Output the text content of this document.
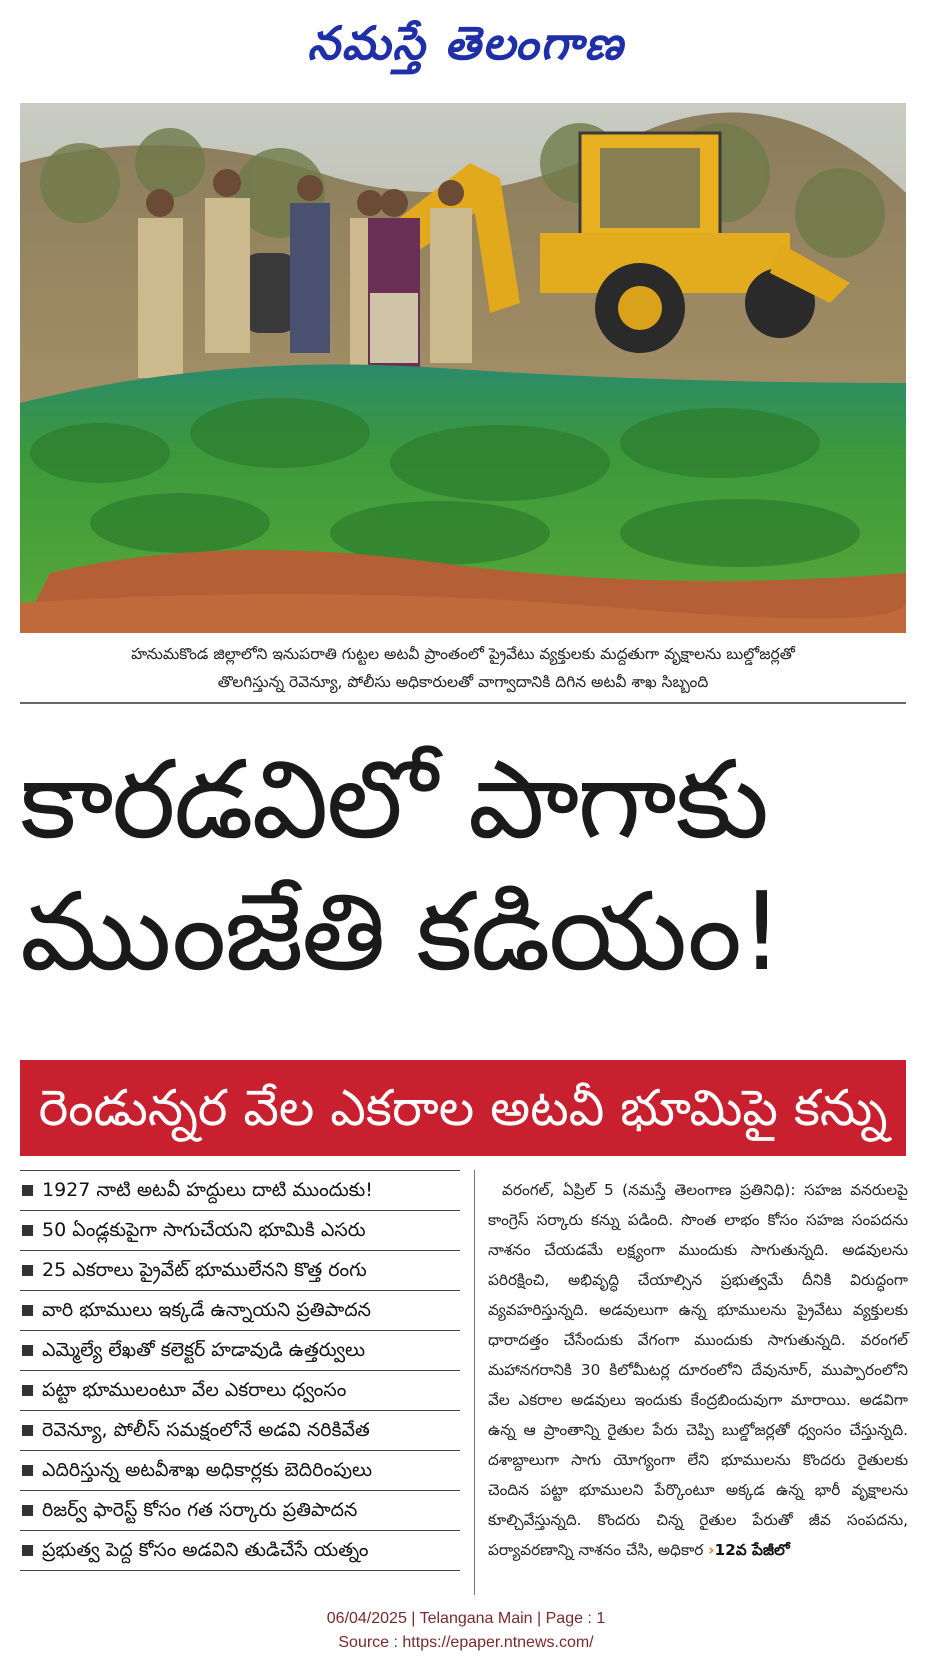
నమస్తే తెలంగాణ
హనుమకొండ జిల్లాలోని ఇనుపరాతి గుట్టల అటవీ ప్రాంతంలో ప్రైవేటు వ్యక్తులకు మద్దతుగా వృక్షాలను బుల్డోజర్లతో
తొలగిస్తున్న రెవెన్యూ, పోలీసు అధికారులతో వాగ్వాదానికి దిగిన అటవీ శాఖ సిబ్బంది
కారడవిలో పాగాకు
ముంజేతి కడియం!
రెండున్నర వేల ఎకరాల అటవీ భూమిపై కన్ను
1927 నాటి అటవీ హద్దులు దాటి ముందుకు!
50 ఏండ్లకుపైగా సాగుచేయని భూమికి ఎసరు
25 ఎకరాలు ప్రైవేట్ భూములేనని కొత్త రంగు
వారి భూములు ఇక్కడే ఉన్నాయని ప్రతిపాదన
ఎమ్మెల్యే లేఖతో కలెక్టర్ హడావుడి ఉత్తర్వులు
పట్టా భూములంటూ వేల ఎకరాలు ధ్వంసం
రెవెన్యూ, పోలీస్ సమక్షంలోనే అడవి నరికివేత
ఎదిరిస్తున్న అటవీశాఖ అధికార్లకు బెదిరింపులు
రిజర్వ్ ఫారెస్ట్ కోసం గత సర్కారు ప్రతిపాదన
ప్రభుత్వ పెద్ద కోసం అడవిని తుడిచేసే యత్నం

వరంగల్, ఏప్రిల్ 5 (నమస్తే తెలంగాణ ప్రతినిధి): సహజ వనరులపై కాంగ్రెస్ సర్కారు కన్ను పడింది. సొంత లాభం కోసం సహజ సంపదను నాశనం చేయడమే లక్ష్యంగా ముందుకు సాగుతున్నది. అడవులను పరిరక్షించి, అభివృద్ధి చేయాల్సిన ప్రభుత్వమే దీనికి విరుద్ధంగా వ్యవహరిస్తున్నది. అడవులుగా ఉన్న భూములను ప్రైవేటు వ్యక్తులకు ధారాదత్తం చేసేందుకు వేగంగా ముందుకు సాగుతున్నది. వరంగల్ మహానగరానికి 30 కిలోమీటర్ల దూరంలోని దేవునూర్, ముప్పారంలోని వేల ఎకరాల అడవులు ఇందుకు కేంద్రబిందువుగా మారాయి. అడవిగా ఉన్న ఆ ప్రాంతాన్ని రైతుల పేరు చెప్పి బుల్డోజర్లతో ధ్వంసం చేస్తున్నది. దశాబ్దాలుగా సాగు యోగ్యంగా లేని భూములను కొందరు రైతులకు చెందిన పట్టా భూములని పేర్కొంటూ అక్కడ ఉన్న భారీ వృక్షాలను కూల్చివేస్తున్నది. కొందరు చిన్న రైతుల పేరుతో జీవ సంపదను, పర్యావరణాన్ని నాశనం చేసి, అధికార ›12వ పేజీలో

06/04/2025 | Telangana Main | Page : 1
Source : https://epaper.ntnews.com/
